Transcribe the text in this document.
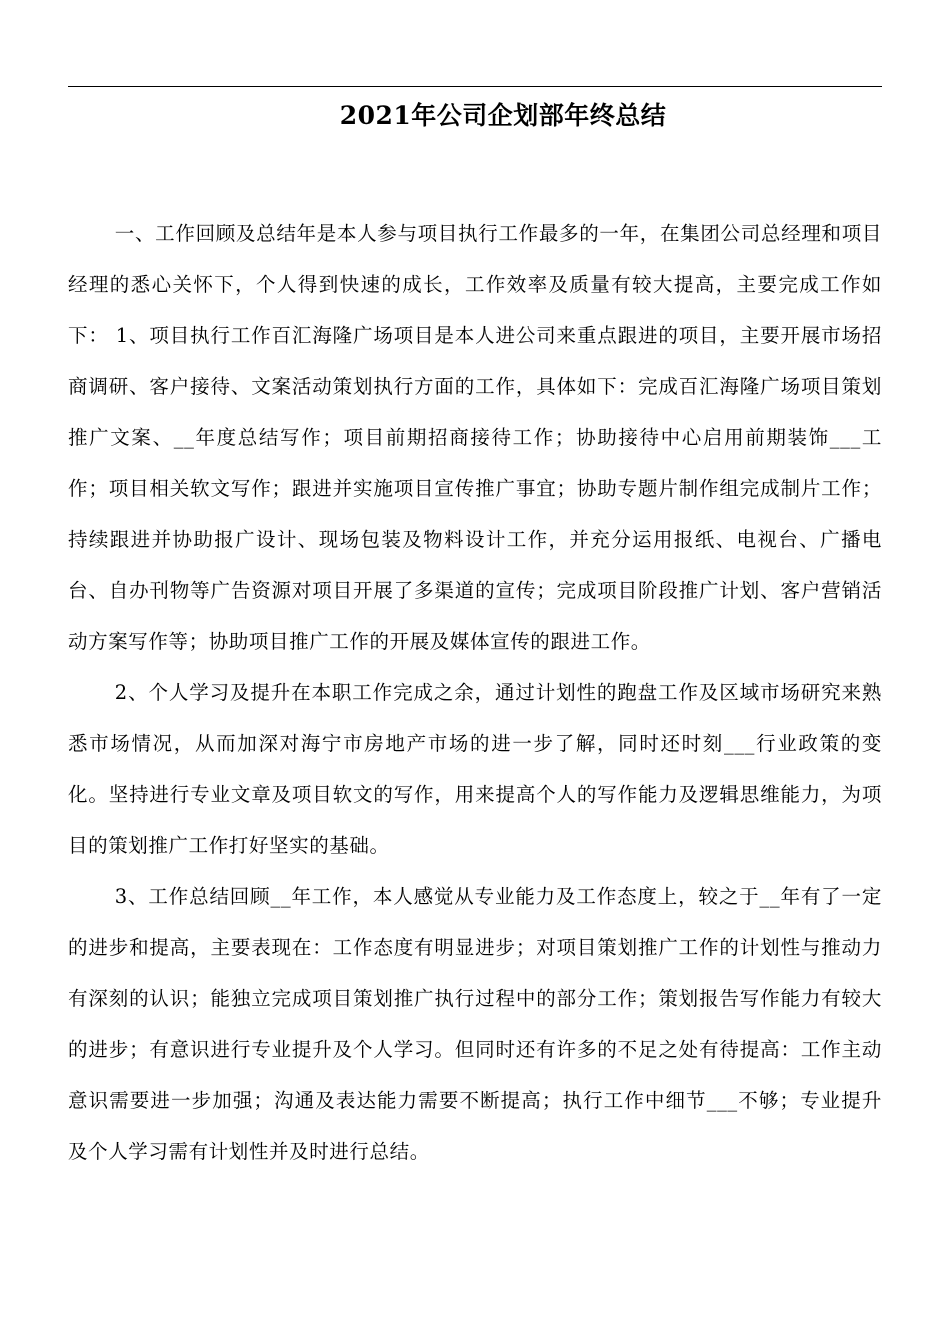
2021年公司企划部年终总结

一、工作回顾及总结年是本人参与项目执行工作最多的一年，在集团公司总经理和项目经理的悉心关怀下，个人得到快速的成长，工作效率及质量有较大提高，主要完成工作如下： 1、项目执行工作百汇海隆广场项目是本人进公司来重点跟进的项目，主要开展市场招商调研、客户接待、文案活动策划执行方面的工作，具体如下：完成百汇海隆广场项目策划推广文案、__年度总结写作；项目前期招商接待工作；协助接待中心启用前期装饰___工作；项目相关软文写作；跟进并实施项目宣传推广事宜；协助专题片制作组完成制片工作；持续跟进并协助报广设计、现场包装及物料设计工作，并充分运用报纸、电视台、广播电台、自办刊物等广告资源对项目开展了多渠道的宣传；完成项目阶段推广计划、客户营销活动方案写作等；协助项目推广工作的开展及媒体宣传的跟进工作。

2、个人学习及提升在本职工作完成之余，通过计划性的跑盘工作及区域市场研究来熟悉市场情况，从而加深对海宁市房地产市场的进一步了解，同时还时刻___行业政策的变化。坚持进行专业文章及项目软文的写作，用来提高个人的写作能力及逻辑思维能力，为项目的策划推广工作打好坚实的基础。

3、工作总结回顾__年工作，本人感觉从专业能力及工作态度上，较之于__年有了一定的进步和提高，主要表现在：工作态度有明显进步；对项目策划推广工作的计划性与推动力有深刻的认识；能独立完成项目策划推广执行过程中的部分工作；策划报告写作能力有较大的进步；有意识进行专业提升及个人学习。但同时还有许多的不足之处有待提高：工作主动意识需要进一步加强；沟通及表达能力需要不断提高；执行工作中细节___不够；专业提升及个人学习需有计划性并及时进行总结。
